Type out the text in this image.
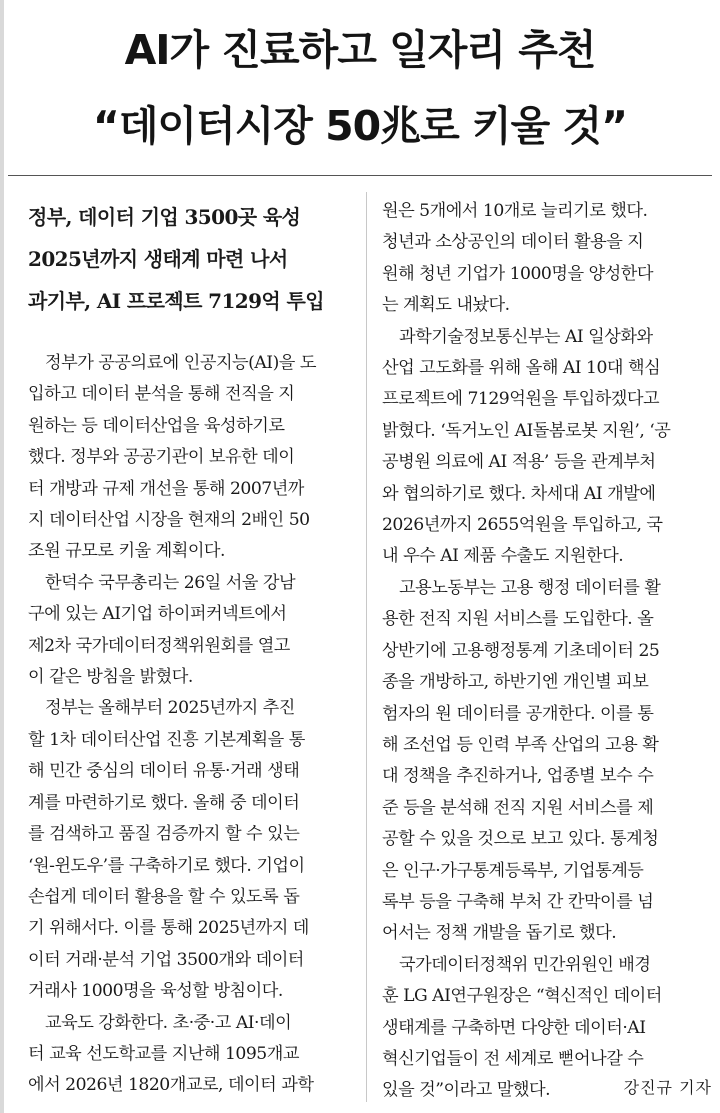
AI가 진료하고 일자리 추천
“데이터시장 50兆로 키울 것”
정부, 데이터 기업 3500곳 육성
2025년까지 생태계 마련 나서
과기부, AI 프로젝트 7129억 투입
정부가 공공의료에 인공지능(AI)을 도
입하고 데이터 분석을 통해 전직을 지
원하는 등 데이터산업을 육성하기로
했다. 정부와 공공기관이 보유한 데이
터 개방과 규제 개선을 통해 2007년까
지 데이터산업 시장을 현재의 2배인 50
조원 규모로 키울 계획이다.
한덕수 국무총리는 26일 서울 강남
구에 있는 AI기업 하이퍼커넥트에서
제2차 국가데이터정책위원회를 열고
이 같은 방침을 밝혔다.
정부는 올해부터 2025년까지 추진
할 1차 데이터산업 진흥 기본계획을 통
해 민간 중심의 데이터 유통·거래 생태
계를 마련하기로 했다. 올해 중 데이터
를 검색하고 품질 검증까지 할 수 있는
‘원-윈도우’를 구축하기로 했다. 기업이
손쉽게 데이터 활용을 할 수 있도록 돕
기 위해서다. 이를 통해 2025년까지 데
이터 거래·분석 기업 3500개와 데이터
거래사 1000명을 육성할 방침이다.
교육도 강화한다. 초·중·고 AI·데이
터 교육 선도학교를 지난해 1095개교
에서 2026년 1820개교로, 데이터 과학
원은 5개에서 10개로 늘리기로 했다.
청년과 소상공인의 데이터 활용을 지
원해 청년 기업가 1000명을 양성한다
는 계획도 내놨다.
과학기술정보통신부는 AI 일상화와
산업 고도화를 위해 올해 AI 10대 핵심
프로젝트에 7129억원을 투입하겠다고
밝혔다. ‘독거노인 AI돌봄로봇 지원’, ‘공
공병원 의료에 AI 적용’ 등을 관계부처
와 협의하기로 했다. 차세대 AI 개발에
2026년까지 2655억원을 투입하고, 국
내 우수 AI 제품 수출도 지원한다.
고용노동부는 고용 행정 데이터를 활
용한 전직 지원 서비스를 도입한다. 올
상반기에 고용행정통계 기초데이터 25
종을 개방하고, 하반기엔 개인별 피보
험자의 원 데이터를 공개한다. 이를 통
해 조선업 등 인력 부족 산업의 고용 확
대 정책을 추진하거나, 업종별 보수 수
준 등을 분석해 전직 지원 서비스를 제
공할 수 있을 것으로 보고 있다. 통계청
은 인구·가구통계등록부, 기업통계등
록부 등을 구축해 부처 간 칸막이를 넘
어서는 정책 개발을 돕기로 했다.
국가데이터정책위 민간위원인 배경
훈 LG AI연구원장은 “혁신적인 데이터
생태계를 구축하면 다양한 데이터·AI
혁신기업들이 전 세계로 뻗어나갈 수
있을 것”이라고 말했다.	강진규 기자
